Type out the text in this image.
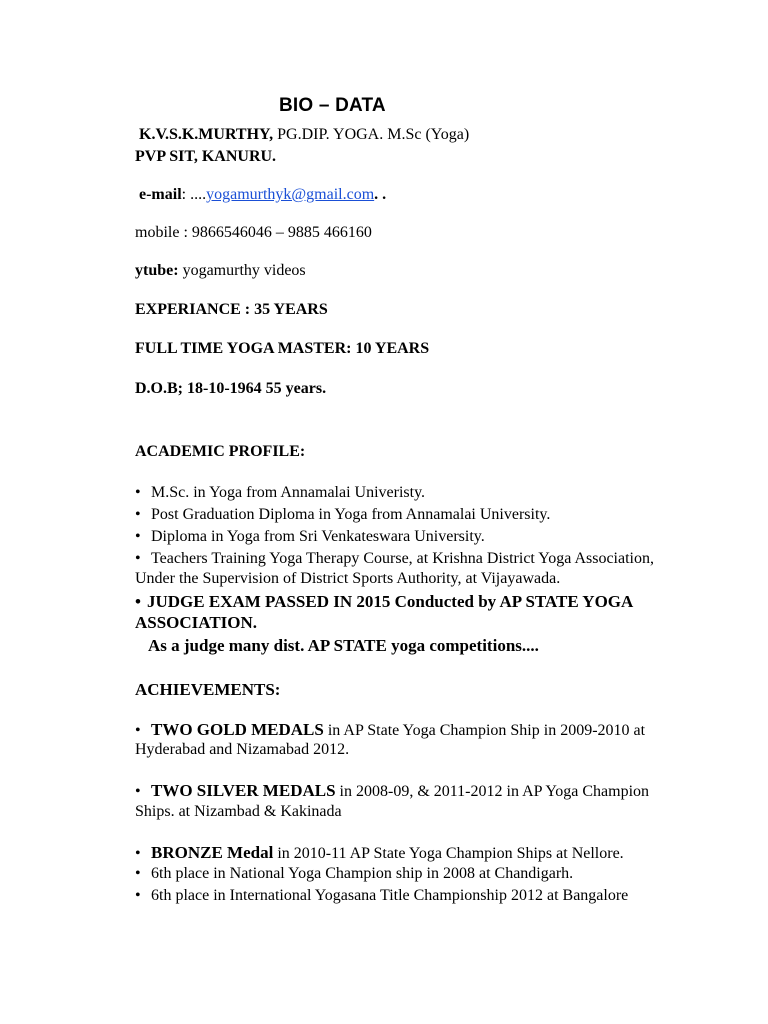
BIO – DATA
K.V.S.K.MURTHY, PG.DIP. YOGA. M.Sc (Yoga)
PVP SIT, KANURU.
e-mail: ....yogamurthyk@gmail.com. .
mobile : 9866546046 – 9885 466160
ytube: yogamurthy videos
EXPERIANCE : 35 YEARS
FULL TIME YOGA MASTER: 10 YEARS
D.O.B; 18-10-1964 55 years.
ACADEMIC PROFILE:
• M.Sc. in Yoga from Annamalai Univeristy.
• Post Graduation Diploma in Yoga from Annamalai University.
• Diploma in Yoga from Sri Venkateswara University.
• Teachers Training Yoga Therapy Course, at Krishna District Yoga Association,
Under the Supervision of District Sports Authority, at Vijayawada.
• JUDGE EXAM PASSED IN 2015 Conducted by AP STATE YOGA
ASSOCIATION.
As a judge many dist. AP STATE yoga competitions....
ACHIEVEMENTS:
• TWO GOLD MEDALS in AP State Yoga Champion Ship in 2009-2010 at
Hyderabad and Nizamabad 2012.
• TWO SILVER MEDALS in 2008-09, & 2011-2012 in AP Yoga Champion
Ships. at Nizambad & Kakinada
• BRONZE Medal in 2010-11 AP State Yoga Champion Ships at Nellore.
• 6th place in National Yoga Champion ship in 2008 at Chandigarh.
• 6th place in International Yogasana Title Championship 2012 at Bangalore
